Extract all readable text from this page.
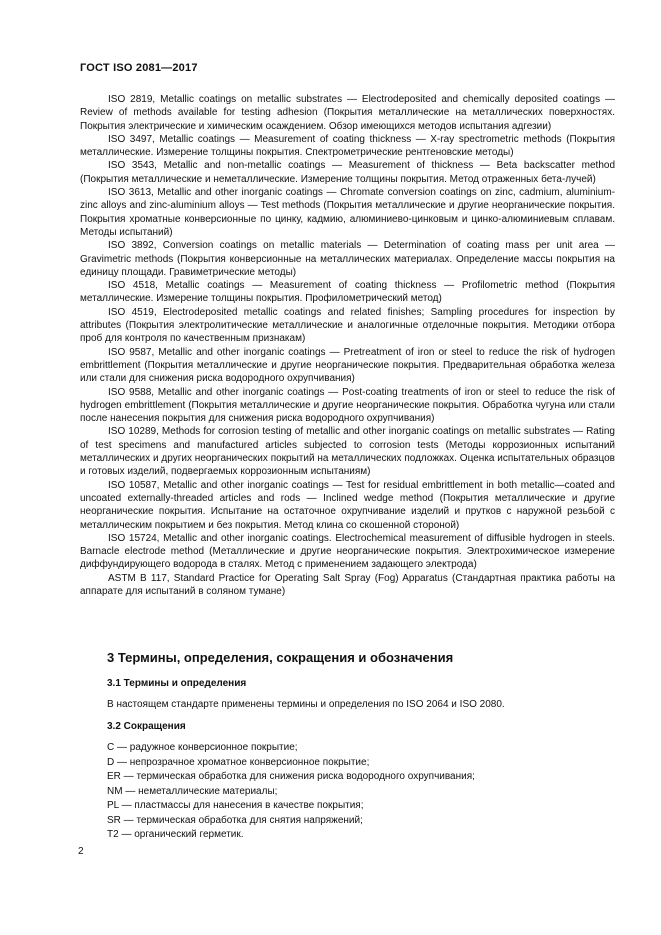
ГОСТ ISO 2081—2017

ISO 2819, Metallic coatings on metallic substrates — Electrodeposited and chemically deposited coatings — Review of methods available for testing adhesion (Покрытия металлические на металлических поверхностях. Покрытия электрические и химическим осаждением. Обзор имеющихся методов испытания адгезии)

ISO 3497, Metallic coatings — Measurement of coating thickness — X-ray spectrometric methods (Покрытия металлические. Измерение толщины покрытия. Спектрометрические рентгеновские методы)

ISO 3543, Metallic and non-metallic coatings — Measurement of thickness — Beta backscatter method (Покрытия металлические и неметаллические. Измерение толщины покрытия. Метод отраженных бета-лучей)

ISO 3613, Metallic and other inorganic coatings — Chromate conversion coatings on zinc, cadmium, aluminium-zinc alloys and zinc-aluminium alloys — Test methods (Покрытия металлические и другие неорганические покрытия. Покрытия хроматные конверсионные по цинку, кадмию, алюминиево-цинковым и цинко-алюминиевым сплавам. Методы испытаний)

ISO 3892, Conversion coatings on metallic materials — Determination of coating mass per unit area — Gravimetric methods (Покрытия конверсионные на металлических материалах. Определение массы покрытия на единицу площади. Гравиметрические методы)

ISO 4518, Metallic coatings — Measurement of coating thickness — Profilometric method (Покрытия металлические. Измерение толщины покрытия. Профилометрический метод)

ISO 4519, Electrodeposited metallic coatings and related finishes; Sampling procedures for inspection by attributes (Покрытия электролитические металлические и аналогичные отделочные покрытия. Методики отбора проб для контроля по качественным признакам)

ISO 9587, Metallic and other inorganic coatings — Pretreatment of iron or steel to reduce the risk of hydrogen embrittlement (Покрытия металлические и другие неорганические покрытия. Предварительная обработка железа или стали для снижения риска водородного охрупчивания)

ISO 9588, Metallic and other inorganic coatings — Post-coating treatments of iron or steel to reduce the risk of hydrogen embrittlement (Покрытия металлические и другие неорганические покрытия. Обработка чугуна или стали после нанесения покрытия для снижения риска водородного охрупчивания)

ISO 10289, Methods for corrosion testing of metallic and other inorganic coatings on metallic substrates — Rating of test specimens and manufactured articles subjected to corrosion tests (Методы коррозионных испытаний металлических и других неорганических покрытий на металлических подложках. Оценка испытательных образцов и готовых изделий, подвергаемых коррозионным испытаниям)

ISO 10587, Metallic and other inorganic coatings — Test for residual embrittlement in both metallic—coated and uncoated externally-threaded articles and rods — Inclined wedge method (Покрытия металлические и другие неорганические покрытия. Испытание на остаточное охрупчивание изделий и прутков с наружной резьбой с металлическим покрытием и без покрытия. Метод клина со скошенной стороной)

ISO 15724, Metallic and other inorganic coatings. Electrochemical measurement of diffusible hydrogen in steels. Barnacle electrode method (Металлические и другие неорганические покрытия. Электрохимическое измерение диффундирующего водорода в сталях. Метод с применением задающего электрода)

ASTM B 117, Standard Practice for Operating Salt Spray (Fog) Apparatus (Стандартная практика работы на аппарате для испытаний в соляном тумане)

3 Термины, определения, сокращения и обозначения
3.1 Термины и определения
В настоящем стандарте применены термины и определения по ISO 2064 и ISO 2080.
3.2 Сокращения
C — радужное конверсионное покрытие;
D — непрозрачное хроматное конверсионное покрытие;
ER — термическая обработка для снижения риска водородного охрупчивания;
NM — неметаллические материалы;
PL — пластмассы для нанесения в качестве покрытия;
SR — термическая обработка для снятия напряжений;
T2 — органический герметик.
2
